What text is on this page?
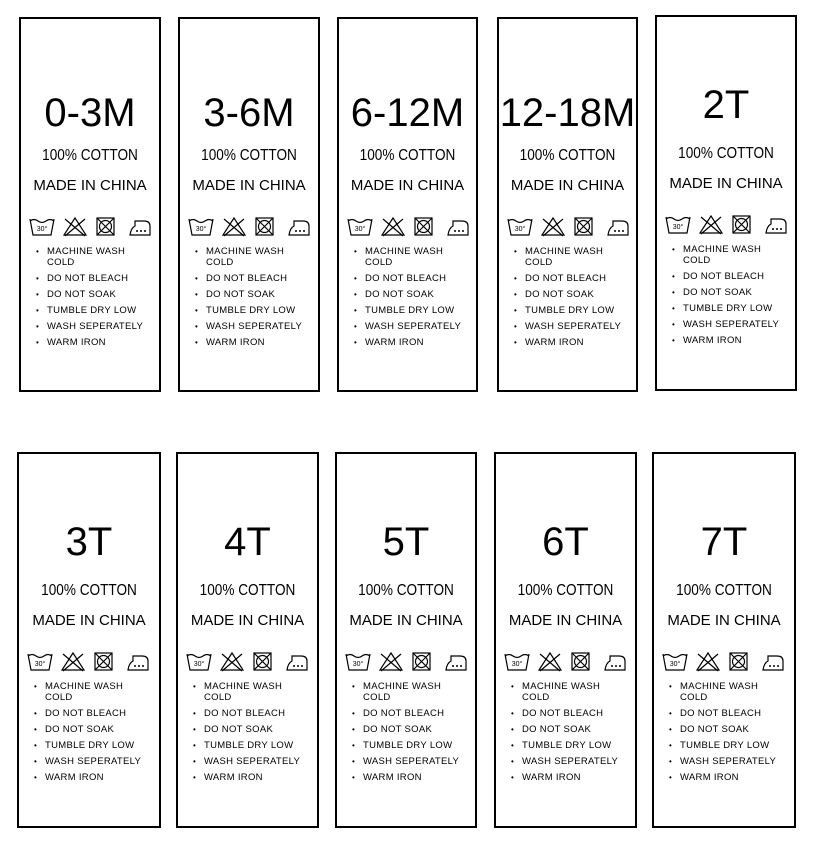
0-3M
100% COTTON
MADE IN CHINA
30°
• MACHINE WASH COLD
• DO NOT BLEACH
• DO NOT SOAK
• TUMBLE DRY LOW
• WASH SEPERATELY
• WARM IRON
3-6M
100% COTTON
MADE IN CHINA
30°
• MACHINE WASH COLD
• DO NOT BLEACH
• DO NOT SOAK
• TUMBLE DRY LOW
• WASH SEPERATELY
• WARM IRON
6-12M
100% COTTON
MADE IN CHINA
30°
• MACHINE WASH COLD
• DO NOT BLEACH
• DO NOT SOAK
• TUMBLE DRY LOW
• WASH SEPERATELY
• WARM IRON
12-18M
100% COTTON
MADE IN CHINA
30°
• MACHINE WASH COLD
• DO NOT BLEACH
• DO NOT SOAK
• TUMBLE DRY LOW
• WASH SEPERATELY
• WARM IRON
2T
100% COTTON
MADE IN CHINA
30°
• MACHINE WASH COLD
• DO NOT BLEACH
• DO NOT SOAK
• TUMBLE DRY LOW
• WASH SEPERATELY
• WARM IRON
3T
100% COTTON
MADE IN CHINA
30°
• MACHINE WASH COLD
• DO NOT BLEACH
• DO NOT SOAK
• TUMBLE DRY LOW
• WASH SEPERATELY
• WARM IRON
4T
100% COTTON
MADE IN CHINA
30°
• MACHINE WASH COLD
• DO NOT BLEACH
• DO NOT SOAK
• TUMBLE DRY LOW
• WASH SEPERATELY
• WARM IRON
5T
100% COTTON
MADE IN CHINA
30°
• MACHINE WASH COLD
• DO NOT BLEACH
• DO NOT SOAK
• TUMBLE DRY LOW
• WASH SEPERATELY
• WARM IRON
6T
100% COTTON
MADE IN CHINA
30°
• MACHINE WASH COLD
• DO NOT BLEACH
• DO NOT SOAK
• TUMBLE DRY LOW
• WASH SEPERATELY
• WARM IRON
7T
100% COTTON
MADE IN CHINA
30°
• MACHINE WASH COLD
• DO NOT BLEACH
• DO NOT SOAK
• TUMBLE DRY LOW
• WASH SEPERATELY
• WARM IRON
